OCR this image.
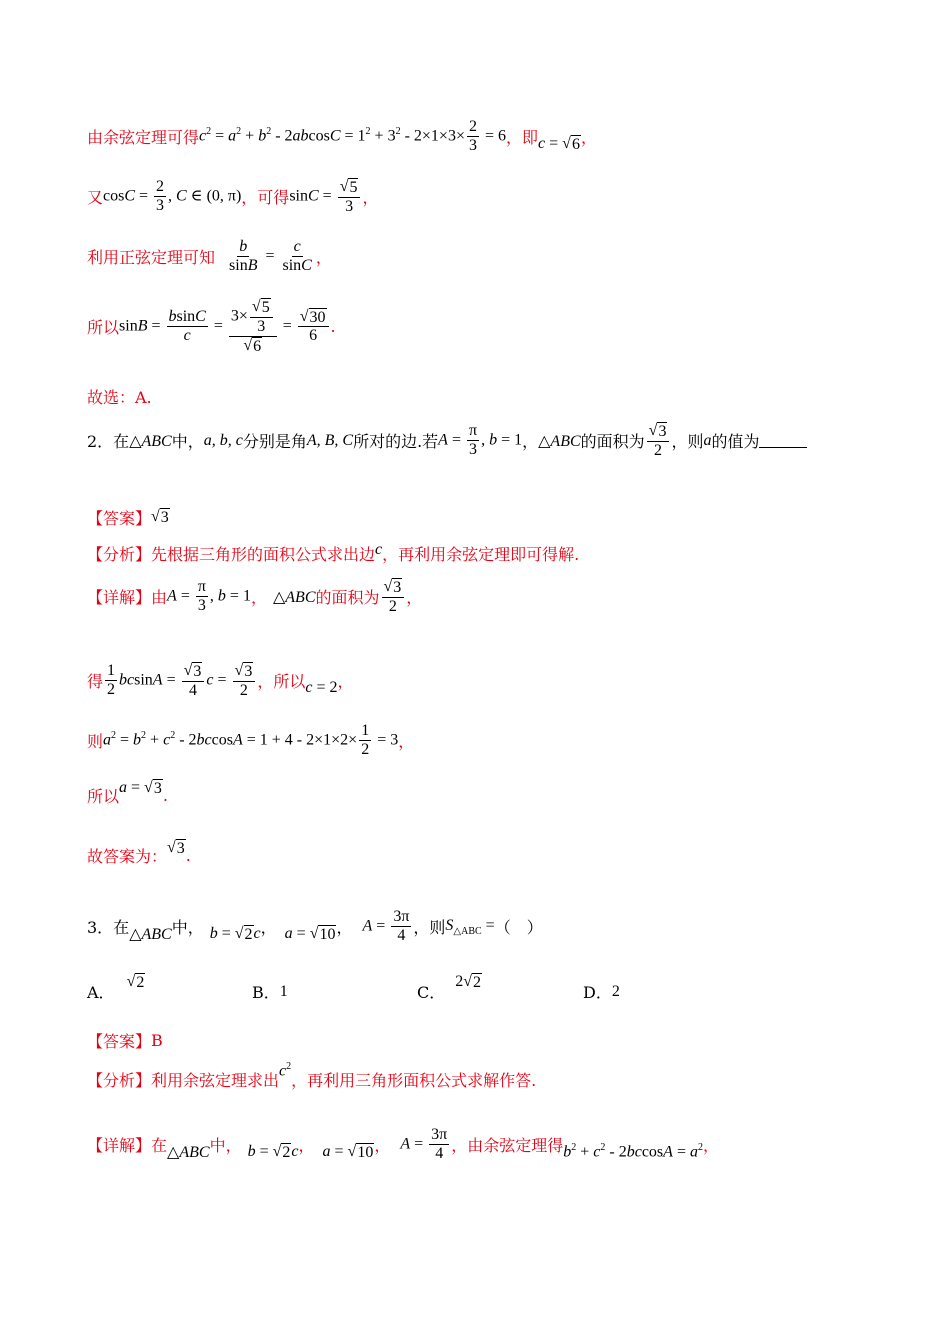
由余弦定理可得 $c^2 = a^2 + b^2 - 2abcosC = 1^2 + 3^2 - 2\times 1\times 3\times \frac{2}{3} = 6$ ，即 c = √ 6 ，
又 $\cos C = \frac{2}{3}$ , C ∈ (0, π) ，可得 $\sin C = \frac{√ 5}{3}$ ，
利用正弦定理可知 $\frac{b}{\sin B} = \frac{c}{\sin C}$ ，
所以 $\sin B = \frac{bsinC}{c} = \frac{3\times \frac{√ 5}{3}}{√ 6} = \frac{√ 30}{6}$ .
故选：A.
2．在 △ABC 中， a, b, c 分别是角 A, B, C 所对的边.若 $A = \frac{\pi}{3}$ , b = 1 ， △ABC 的面积为 $\frac{√ 3}{2}$ ，则 a 的值为
【答案】 √ 3
【分析】 先根据三角形的面积公式求出边 c ，再利用余弦定理即可得解.
【详解】 由 $A = \frac{\pi}{3}$ , b = 1 ， △ABC 的面积为 $\frac{√ 3}{2}$ ，
得 $\frac{1}{2}$ $bcsinA = \frac{√ 3}{4}$ $c = \frac{√ 3}{2}$ ，所以 c = 2 ，
则 $a^2 = b^2 + c^2 - 2bccosA = 1 + 4 - 2\times 1\times 2\times \frac{1}{2} = 3$ ，
所以 a = √ 3 .
故答案为： √ 3 .
3．在 △ABC 中， b = √ 2 c ， a = √ 10 ， $A = \frac{3\pi}{4}$ ，则 $S_{\triangle ABC}$ = （　）
A．
√ 2
B． 1	C．
2√ 2
D． 2
【答案】 B
【分析】 利用余弦定理求出
$c^2$
，再利用三角形面积公式求解作答.
【详解】 在 △ABC 中， b = √ 2 c ， a = √ 10 ， $A = \frac{3\pi}{4}$ ，由余弦定理得 $b^2 + c^2 - 2bccosA = a^2$ ，
